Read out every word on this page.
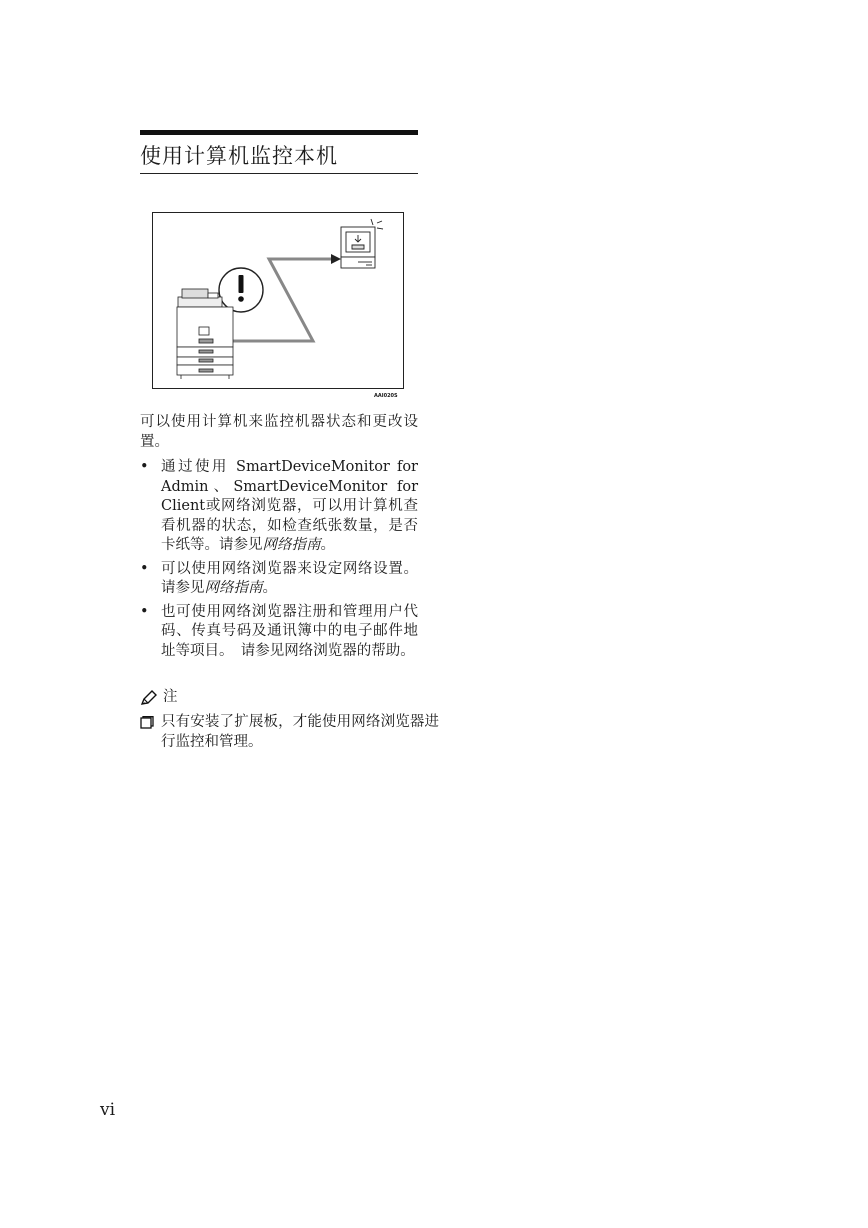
使用计算机监控本机
AAI020S
可以使用计算机来监控机器状态和更改设置。
• 通过使用 SmartDeviceMonitor for Admin、SmartDeviceMonitor for Client或网络浏览器，可以用计算机查看机器的状态，如检查纸张数量，是否卡纸等。请参见网络指南。
• 可以使用网络浏览器来设定网络设置。请参见网络指南。
• 也可使用网络浏览器注册和管理用户代码、传真号码及通讯簿中的电子邮件地址等项目。　请参见网络浏览器的帮助。
注
只有安装了扩展板，才能使用网络浏览器进行监控和管理。
vi
